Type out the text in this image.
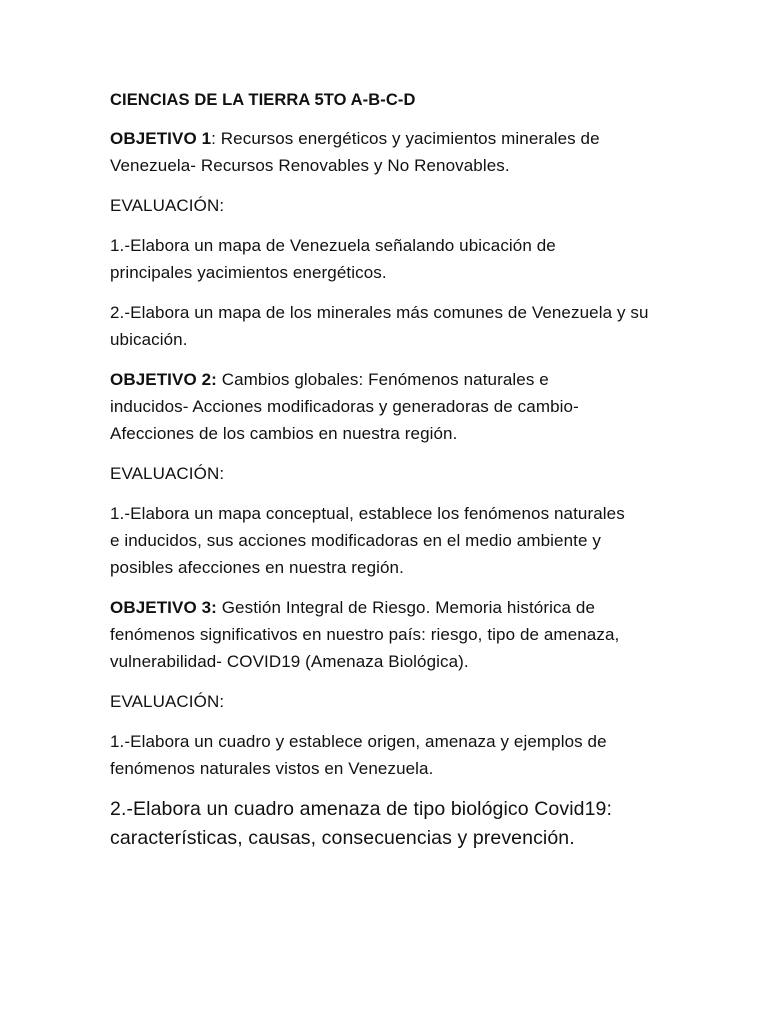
CIENCIAS DE LA TIERRA 5TO A-B-C-D
OBJETIVO 1: Recursos energéticos y yacimientos minerales de Venezuela- Recursos Renovables y No Renovables.
EVALUACIÓN:
1.-Elabora un mapa de Venezuela señalando ubicación de principales yacimientos energéticos.
2.-Elabora un mapa de los minerales más comunes de Venezuela y su ubicación.
OBJETIVO 2: Cambios globales: Fenómenos naturales e inducidos- Acciones modificadoras y generadoras de cambio- Afecciones de los cambios en nuestra región.
EVALUACIÓN:
1.-Elabora un mapa conceptual, establece los fenómenos naturales e inducidos, sus acciones modificadoras en el medio ambiente y posibles afecciones en nuestra región.
OBJETIVO 3: Gestión Integral de Riesgo. Memoria histórica de fenómenos significativos en nuestro país: riesgo, tipo de amenaza, vulnerabilidad- COVID19 (Amenaza Biológica).
EVALUACIÓN:
1.-Elabora un cuadro y establece origen, amenaza y ejemplos de fenómenos naturales vistos en Venezuela.
2.-Elabora un cuadro amenaza de tipo biológico Covid19: características, causas, consecuencias y prevención.
